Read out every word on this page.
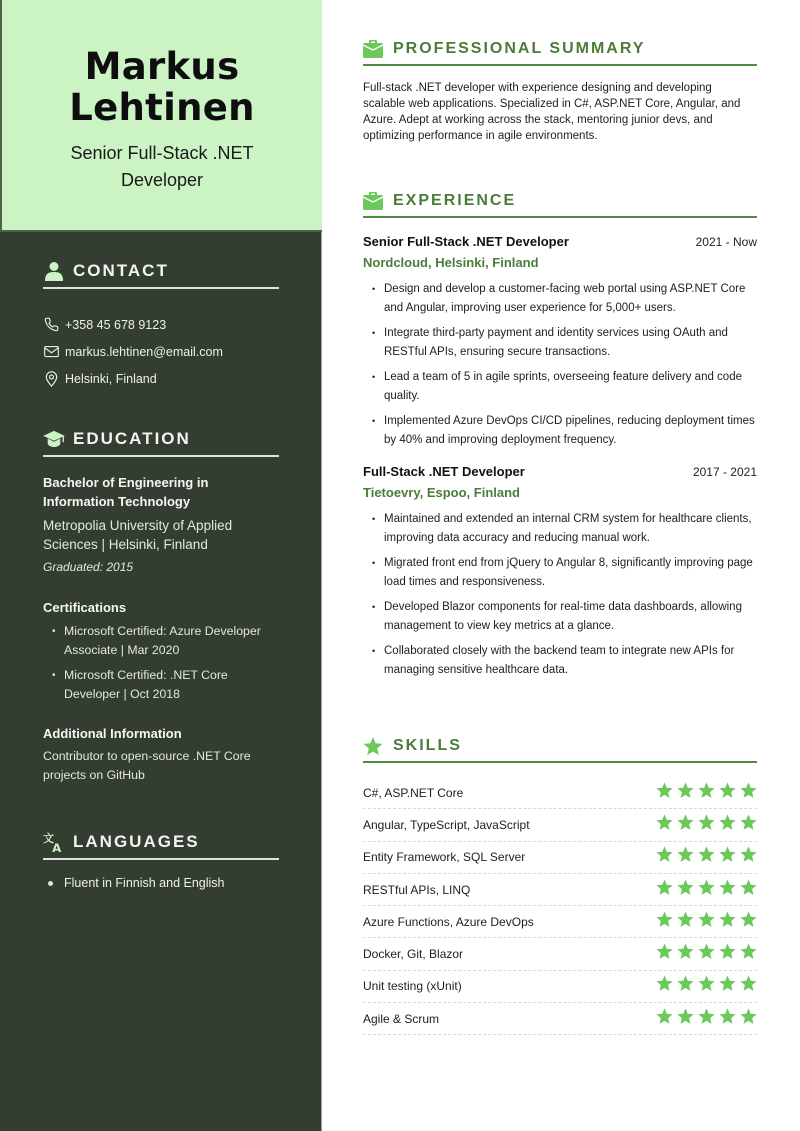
Markus
Lehtinen
Senior Full-Stack .NET Developer
CONTACT
+358 45 678 9123
markus.lehtinen@email.com
Helsinki, Finland
EDUCATION
Bachelor of Engineering in Information Technology
Metropolia University of Applied Sciences | Helsinki, Finland
Graduated: 2015
Certifications
• Microsoft Certified: Azure Developer Associate | Mar 2020
• Microsoft Certified: .NET Core Developer | Oct 2018
Additional Information
Contributor to open-source .NET Core projects on GitHub
文
A LANGUAGES
Fluent in Finnish and English
PROFESSIONAL SUMMARY
Full-stack .NET developer with experience designing and developing scalable web applications. Specialized in C#, ASP.NET Core, Angular, and Azure. Adept at working across the stack, mentoring junior devs, and optimizing performance in agile environments.
EXPERIENCE
Senior Full-Stack .NET Developer	2021 - Now
Nordcloud, Helsinki, Finland
• Design and develop a customer-facing web portal using ASP.NET Core and Angular, improving user experience for 5,000+ users.
• Integrate third-party payment and identity services using OAuth and RESTful APIs, ensuring secure transactions.
• Lead a team of 5 in agile sprints, overseeing feature delivery and code quality.
• Implemented Azure DevOps CI/CD pipelines, reducing deployment times by 40% and improving deployment frequency.
Full-Stack .NET Developer	2017 - 2021
Tietoevry, Espoo, Finland
• Maintained and extended an internal CRM system for healthcare clients, improving data accuracy and reducing manual work.
• Migrated front end from jQuery to Angular 8, significantly improving page load times and responsiveness.
• Developed Blazor components for real-time data dashboards, allowing management to view key metrics at a glance.
• Collaborated closely with the backend team to integrate new APIs for managing sensitive healthcare data.
SKILLS
C#, ASP.NET Core
Angular, TypeScript, JavaScript
Entity Framework, SQL Server
RESTful APIs, LINQ
Azure Functions, Azure DevOps
Docker, Git, Blazor
Unit testing (xUnit)
Agile & Scrum
